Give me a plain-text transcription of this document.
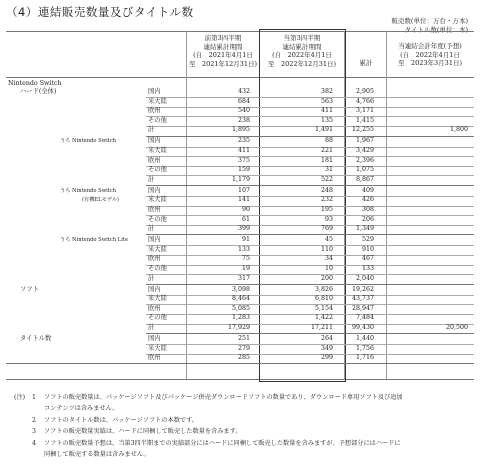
（4）連結販売数量及びタイトル数
販売数(単位：万台・万本)
タイトル数(単位：本)
前第3四半期
連結累計期間
(自　2021年4月1日
至　2021年12月31日)
当第3四半期
連結累計期間
(自　2022年4月1日
至　2022年12月31日)	累計
当連結会計年度(予想)
(自　2022年4月1日
至　2023年3月31日)
Nintendo Switch
ハード(全体)	国内	432	382	2,905
米大陸	684	563	4,766
欧州	540	411	3,171
その他	238	135	1,415
計	1,895	1,491	12,255	1,800
うち Nintendo Switch	国内	235	88	1,967
米大陸	411	221	3,429
欧州	375	181	2,396
その他	159	31	1,075
計	1,179	522	8,867
うち Nintendo Switch
(有機ELモデル)
国内	107	248	409
米大陸	141	232	426
欧州	90	195	308
その他	61	93	206
計	399	769	1,349
うち Nintendo Switch Lite	国内	91	45	529
米大陸	133	110	910
欧州	75	34	467
その他	19	10	133
計	317	200	2,040
ソフト	国内	3,098	3,826	19,262
米大陸	8,464	6,810	43,737
欧州	5,085	5,154	28,947
その他	1,283	1,422	7,484
計	17,929	17,211	99,430	20,500
タイトル数	国内	251	264	1,440
米大陸	279	349	1,756
欧州	285	299	1,716
(注)	1	ソフトの販売数量は、パッケージソフト及びパッケージ併売ダウンロードソフトの数量であり、ダウンロード専用ソフト及び追加
コンテンツは含みません。
2	ソフトのタイトル数は、パッケージソフトの本数です。
3	ソフトの販売数量実績は、ハードに同梱して販売した数量を含みます。
4	ソフトの販売数量予想は、当第3四半期までの実績部分にはハードに同梱して販売した数量を含みますが、予想部分にはハードに
同梱して販売する数量は含みません。
